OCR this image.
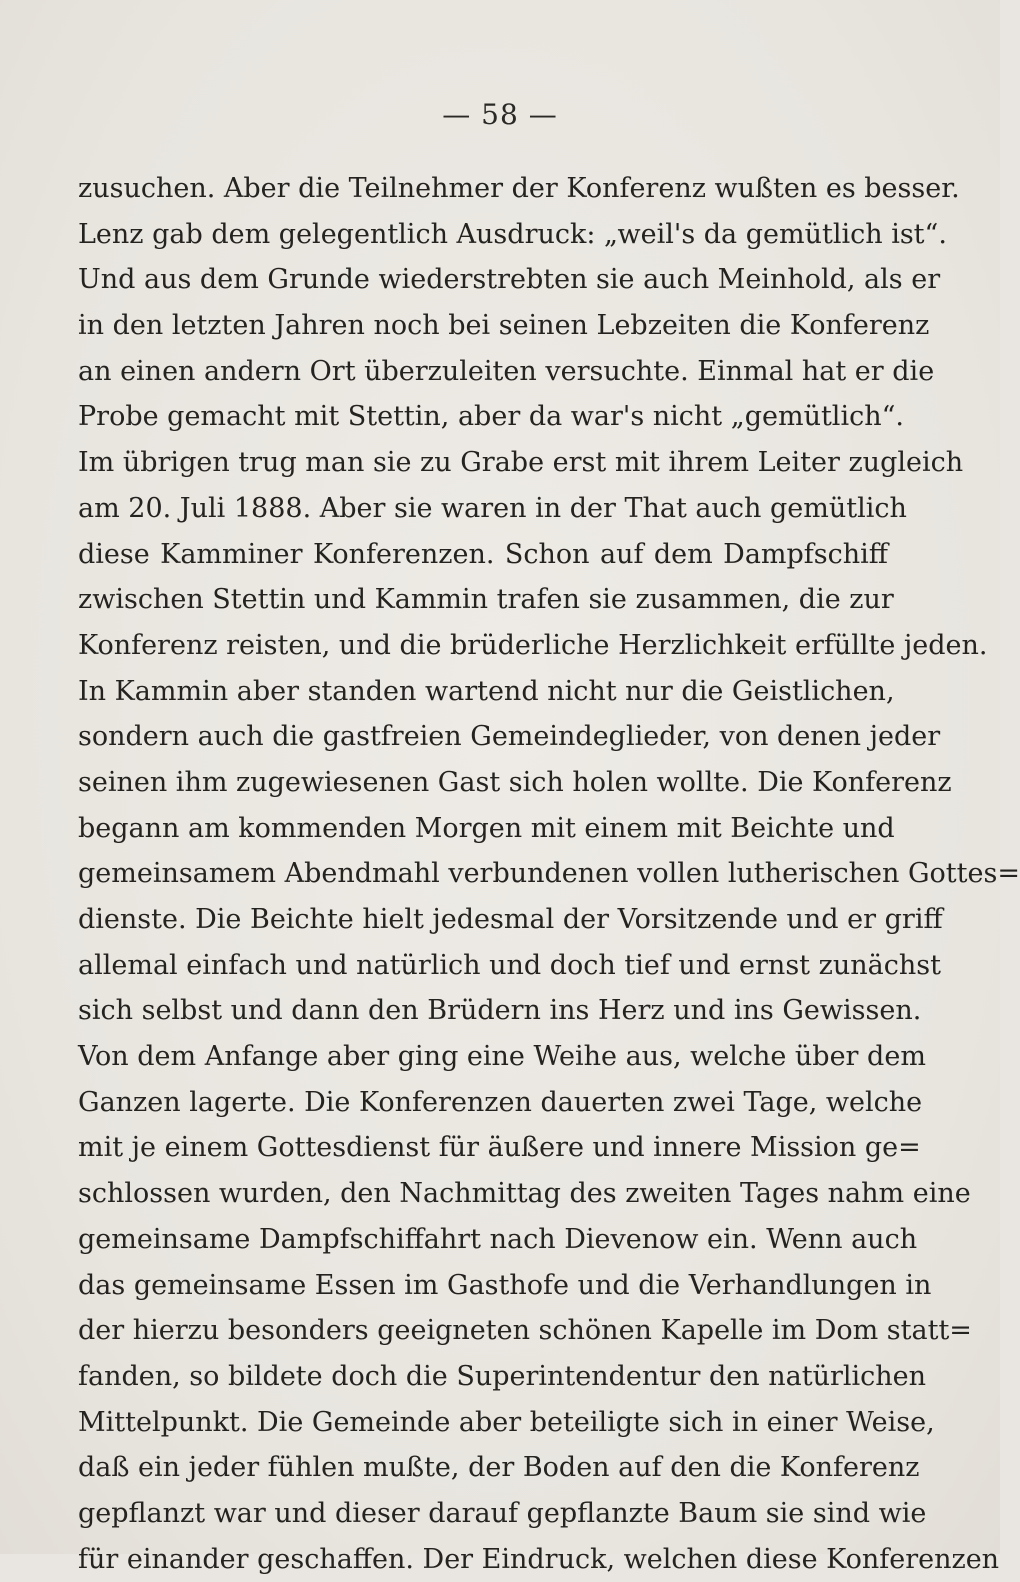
— 58 —
zusuchen. Aber die Teilnehmer der Konferenz wußten es besser.
Lenz gab dem gelegentlich Ausdruck: „weil's da gemütlich ist“.
Und aus dem Grunde wiederstrebten sie auch Meinhold, als er
in den letzten Jahren noch bei seinen Lebzeiten die Konferenz
an einen andern Ort überzuleiten versuchte. Einmal hat er die
Probe gemacht mit Stettin, aber da war's nicht „gemütlich“.
Im übrigen trug man sie zu Grabe erst mit ihrem Leiter zugleich
am 20. Juli 1888. Aber sie waren in der That auch gemütlich
diese Kamminer Konferenzen. Schon auf dem Dampfschiff
zwischen Stettin und Kammin trafen sie zusammen, die zur
Konferenz reisten, und die brüderliche Herzlichkeit erfüllte jeden.
In Kammin aber standen wartend nicht nur die Geistlichen,
sondern auch die gastfreien Gemeindeglieder, von denen jeder
seinen ihm zugewiesenen Gast sich holen wollte. Die Konferenz
begann am kommenden Morgen mit einem mit Beichte und
gemeinsamem Abendmahl verbundenen vollen lutherischen Gottes=
dienste. Die Beichte hielt jedesmal der Vorsitzende und er griff
allemal einfach und natürlich und doch tief und ernst zunächst
sich selbst und dann den Brüdern ins Herz und ins Gewissen.
Von dem Anfange aber ging eine Weihe aus, welche über dem
Ganzen lagerte. Die Konferenzen dauerten zwei Tage, welche
mit je einem Gottesdienst für äußere und innere Mission ge=
schlossen wurden, den Nachmittag des zweiten Tages nahm eine
gemeinsame Dampfschiffahrt nach Dievenow ein. Wenn auch
das gemeinsame Essen im Gasthofe und die Verhandlungen in
der hierzu besonders geeigneten schönen Kapelle im Dom statt=
fanden, so bildete doch die Superintendentur den natürlichen
Mittelpunkt. Die Gemeinde aber beteiligte sich in einer Weise,
daß ein jeder fühlen mußte, der Boden auf den die Konferenz
gepflanzt war und dieser darauf gepflanzte Baum sie sind wie
für einander geschaffen. Der Eindruck, welchen diese Konferenzen
